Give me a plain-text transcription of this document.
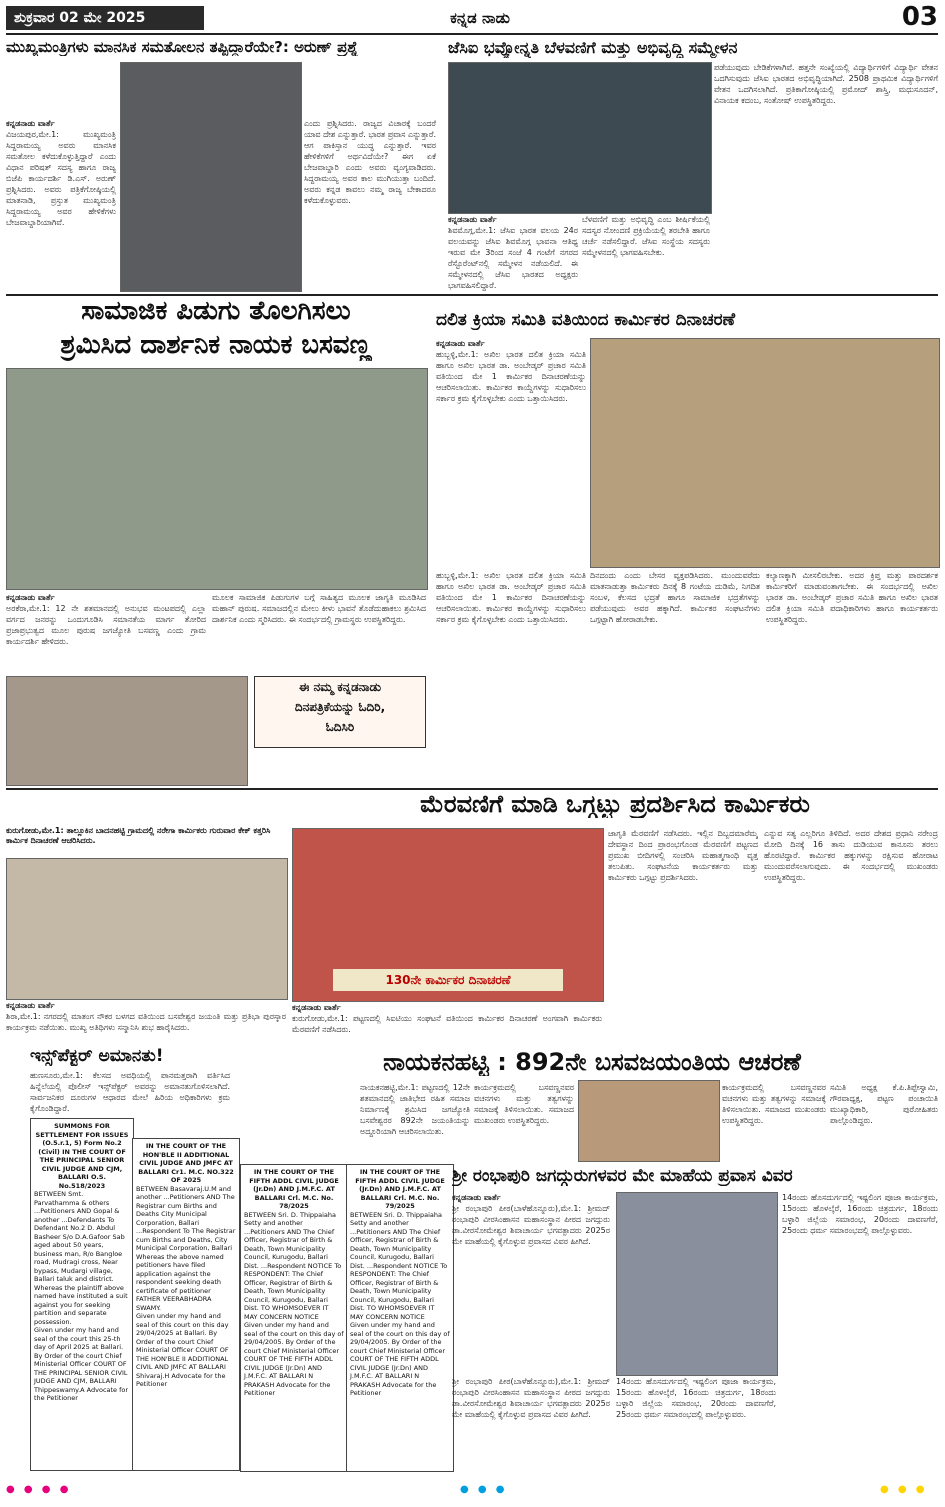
ಶುಕ್ರವಾರ 02 ಮೇ 2025	ಕನ್ನಡ ನಾಡು	03
ಮುಖ್ಯಮಂತ್ರಿಗಳು ಮಾನಸಿಕ ಸಮತೋಲನ ತಪ್ಪಿದ್ದಾರೆಯೇ?: ಅರುಣ್ ಪ್ರಶ್ನೆ
ಕನ್ನಡನಾಡು ವಾರ್ತೆ
ವಿಜಯಪುರ,ಮೇ.1: ಮುಖ್ಯಮಂತ್ರಿ ಸಿದ್ದರಾಮಯ್ಯ ಅವರು ಮಾನಸಿಕ ಸಮತೋಲ ಕಳೆದುಕೊಳ್ಳುತ್ತಿದ್ದಾರೆ ಎಂದು ವಿಧಾನ ಪರಿಷತ್ ಸದಸ್ಯ ಹಾಗೂ ರಾಜ್ಯ ಬಿಜೆಪಿ ಕಾರ್ಯದರ್ಶಿ ಡಿ.ಎಸ್. ಅರುಣ್ ಪ್ರಶ್ನಿಸಿದರು. ಅವರು ಪತ್ರಿಕೆಗೋಷ್ಠಿಯಲ್ಲಿ ಮಾತನಾಡಿ, ಪ್ರಸ್ತುತ ಮುಖ್ಯಮಂತ್ರಿ ಸಿದ್ದರಾಮಯ್ಯ ಅವರ ಹೇಳಿಕೆಗಳು ಬೇಜವಾಬ್ದಾರಿಯಾಗಿವೆ.
ಎಂದು ಪ್ರಶ್ನಿಸಿದರು. ರಾಜ್ಯದ ವಿಚಾರಕ್ಕೆ ಬಂದರೆ ಯಾವ ದೇಶ ಎನ್ನುತ್ತಾರೆ. ಭಾರತ ಪ್ರವಾಸ ಎನ್ನುತ್ತಾರೆ. ಆಗ ಪಾಕಿಸ್ತಾನ ಯುದ್ಧ ಎನ್ನುತ್ತಾರೆ. ಇವರ ಹೇಳಿಕೆಗಳಿಗೆ ಅರ್ಥವಿದೆಯೇ? ಈಗ ಏಕೆ ಬೇಜವಾಬ್ದಾರಿ ಎಂದು ಅವರು ವ್ಯಂಗ್ಯವಾಡಿದರು. ಸಿದ್ದರಾಮಯ್ಯ ಅವರ ಕಾಲ ಮುಗಿಯುತ್ತಾ ಬಂದಿದೆ. ಅವರು ಕನ್ನಡ ಕಾವಲು ನಮ್ಮ ರಾಜ್ಯ ಬೇಕಾದರೂ ಕಳೆದುಕೊಳ್ಳುವರು.
ಜೆಸಿಐ ಭವ್ಯೋನ್ನತಿ ಬೆಳವಣಿಗೆ ಮತ್ತು ಅಭಿವೃದ್ಧಿ ಸಮ್ಮೇಳನ
ಕನ್ನಡನಾಡು ವಾರ್ತೆ
ಶಿವಮೊಗ್ಗ,ಮೇ.1: ಜೆಸಿಐ ಭಾರತ ವಲಯ 24ರ ವಲಯವನ್ನು ಜೆಸಿಐ ಶಿವಮೊಗ್ಗ ಭಾವನಾ ಆತಿಥ್ಯ ಇರುವ ಮೇ 3ರಿಂದ ಸಂಜೆ 4 ಗಂಟೆಗೆ ನಗರದ ರೆಸ್ಟೊರೆಂಟ್‌ನಲ್ಲಿ ಸಮ್ಮೇಳನ ನಡೆಯಲಿದೆ. ಈ ಸಮ್ಮೇಳನದಲ್ಲಿ ಜೆಸಿಐ ಭಾರತದ ಅಧ್ಯಕ್ಷರು ಭಾಗವಹಿಸಲಿದ್ದಾರೆ.
ಬೆಳವಣಿಗೆ ಮತ್ತು ಅಭಿವೃದ್ಧಿ ಎಂಬ ಶೀರ್ಷಿಕೆಯಲ್ಲಿ ಸದಸ್ಯರ ನೋಂದಣಿ ಪ್ರಕ್ರಿಯೆಯಲ್ಲಿ ತರಬೇತಿ ಹಾಗೂ ಚರ್ಚೆ ನಡೆಸಲಿದ್ದಾರೆ. ಜೆಸಿಐ ಸಂಸ್ಥೆಯ ಸದಸ್ಯರು ಸಮ್ಮೇಳನದಲ್ಲಿ ಭಾಗವಹಿಸಬೇಕು.
ಪಡೆಯುವುದು ಬೇಡಿಕೆಗಳಾಗಿವೆ. ಹತ್ತನೇ ಸಂಖ್ಯೆಯಲ್ಲಿ ವಿದ್ಯಾರ್ಥಿಗಳಿಗೆ ವಿದ್ಯಾರ್ಥಿ ವೇತನ ಒದಗಿಸುವುದು ಜೆಸಿಐ ಭಾರತದ ಅಭಿವೃದ್ಧಿಯಾಗಿದೆ. 2508 ಪ್ರಾಥಮಿಕ ವಿದ್ಯಾರ್ಥಿಗಳಿಗೆ ವೇತನ ಒದಗಿಸಲಾಗಿದೆ. ಪ್ರತಿಕಾಗೋಷ್ಠಿಯಲ್ಲಿ ಪ್ರಮೋದ್ ಶಾಸ್ತ್ರಿ, ಮಧುಸೂದನ್, ವಿನಾಯಕ ಕದಂಬ, ಸಂತೋಷ್ ಉಪಸ್ಥಿತರಿದ್ದರು.
ಸಾಮಾಜಿಕ ಪಿಡುಗು ತೊಲಗಿಸಲು
ಶ್ರಮಿಸಿದ ದಾರ್ಶನಿಕ ನಾಯಕ ಬಸವಣ್ಣ
ಕನ್ನಡನಾಡು ವಾರ್ತೆ
ಅರಕೆರಾ,ಮೇ.1: 12 ನೇ ಶತಮಾನದಲ್ಲಿ ಅನುಭವ ಮಂಟಪದಲ್ಲಿ ಎಲ್ಲಾ ವರ್ಗದ ಜನರನ್ನು ಒಂದುಗೂಡಿಸಿ ಸಮಾನತೆಯ ಮಾರ್ಗ ತೋರಿದ ಪ್ರಜಾಪ್ರಭುತ್ವದ ಮೂಲ ಪುರುಷ ಜಗಜ್ಯೋತಿ ಬಸವಣ್ಣ ಎಂದು ಗ್ರಾಮ ಕಾರ್ಯದರ್ಶಿ ಹೇಳಿದರು.
ಮೂಲಕ ಸಾಮಾಜಿಕ ಪಿಡುಗುಗಳ ಬಗ್ಗೆ ಸಾಹಿತ್ಯದ ಮೂಲಕ ಜಾಗೃತಿ ಮೂಡಿಸಿದ ಮಹಾನ್ ಪುರುಷ. ಸಮಾಜದಲ್ಲಿನ ಮೇಲು ಕೀಳು ಭಾವನೆ ತೊಡೆದುಹಾಕಲು ಶ್ರಮಿಸಿದ ದಾರ್ಶನಿಕ ಎಂದು ಸ್ಮರಿಸಿದರು. ಈ ಸಂದರ್ಭದಲ್ಲಿ ಗ್ರಾಮಸ್ಥರು ಉಪಸ್ಥಿತರಿದ್ದರು.
ಈ ನಮ್ಮ ಕನ್ನಡನಾಡು
ದಿನಪತ್ರಿಕೆಯನ್ನು ಓದಿರಿ,
ಓದಿಸಿರಿ
ದಲಿತ ಕ್ರಿಯಾ ಸಮಿತಿ ವತಿಯಿಂದ ಕಾರ್ಮಿಕರ ದಿನಾಚರಣೆ
ಕನ್ನಡನಾಡು ವಾರ್ತೆ
ಹುಬ್ಬಳ್ಳಿ,ಮೇ.1: ಅಖಿಲ ಭಾರತ ದಲಿತ ಕ್ರಿಯಾ ಸಮಿತಿ ಹಾಗೂ ಅಖಿಲ ಭಾರತ ಡಾ. ಅಂಬೇಡ್ಕರ್ ಪ್ರಚಾರ ಸಮಿತಿ ವತಿಯಿಂದ ಮೇ 1 ಕಾರ್ಮಿಕರ ದಿನಾಚರಣೆಯನ್ನು ಆಚರಿಸಲಾಯಿತು. ಕಾರ್ಮಿಕರ ಕಾಯ್ದೆಗಳನ್ನು ಸುಧಾರಿಸಲು ಸರ್ಕಾರ ಕ್ರಮ ಕೈಗೊಳ್ಳಬೇಕು ಎಂದು ಒತ್ತಾಯಿಸಿದರು.
ಹುಬ್ಬಳ್ಳಿ,ಮೇ.1: ಅಖಿಲ ಭಾರತ ದಲಿತ ಕ್ರಿಯಾ ಸಮಿತಿ ಹಾಗೂ ಅಖಿಲ ಭಾರತ ಡಾ. ಅಂಬೇಡ್ಕರ್ ಪ್ರಚಾರ ಸಮಿತಿ ವತಿಯಿಂದ ಮೇ 1 ಕಾರ್ಮಿಕರ ದಿನಾಚರಣೆಯನ್ನು ಆಚರಿಸಲಾಯಿತು. ಕಾರ್ಮಿಕರ ಕಾಯ್ದೆಗಳನ್ನು ಸುಧಾರಿಸಲು ಸರ್ಕಾರ ಕ್ರಮ ಕೈಗೊಳ್ಳಬೇಕು ಎಂದು ಒತ್ತಾಯಿಸಿದರು.
ದಿನದಂದು ಎಂದು ಬೇಸರ ವ್ಯಕ್ತಪಡಿಸಿದರು. ಮುಂದುವರೆದು ಮಾತನಾಡುತ್ತಾ ಕಾರ್ಮಿಕರು ದಿನಕ್ಕೆ 8 ಗಂಟೆಯ ದುಡಿಮೆ, ನಿಗದಿತ ಸಂಬಳ, ಕೆಲಸದ ಭದ್ರತೆ ಹಾಗೂ ಸಾಮಾಜಿಕ ಭದ್ರತೆಗಳನ್ನು ಪಡೆಯುವುದು ಅವರ ಹಕ್ಕಾಗಿದೆ. ಕಾರ್ಮಿಕರ ಸಂಘಟನೆಗಳು ಒಗ್ಗಟ್ಟಾಗಿ ಹೋರಾಡಬೇಕು.
ಕಲ್ಯಾಣಕ್ಕಾಗಿ ಮೀಸಲಿರಬೇಕು. ಅದರ ಕ್ರಿಪ್ತ ಮತ್ತು ಪಾರದರ್ಶಕ ಕಾರ್ಮಿಕರಿಗೆ ಮಾಡುವಂತಾಗಬೇಕು. ಈ ಸಂದರ್ಭದಲ್ಲಿ ಅಖಿಲ ಭಾರತ ಡಾ. ಅಂಬೇಡ್ಕರ್ ಪ್ರಚಾರ ಸಮಿತಿ ಹಾಗೂ ಅಖಿಲ ಭಾರತ ದಲಿತ ಕ್ರಿಯಾ ಸಮಿತಿ ಪದಾಧಿಕಾರಿಗಳು ಹಾಗೂ ಕಾರ್ಯಕರ್ತರು ಉಪಸ್ಥಿತರಿದ್ದರು.
ಮೆರವಣಿಗೆ ಮಾಡಿ ಒಗ್ಗಟ್ಟು ಪ್ರದರ್ಶಿಸಿದ ಕಾರ್ಮಿಕರು
ಕುರುಗೋಡು,ಮೇ.1: ತಾಲ್ಲೂಕಿನ ಬಾದನಹಟ್ಟಿ ಗ್ರಾಮದಲ್ಲಿ ನರೇಗಾ ಕಾರ್ಮಿಕರು ಗುರುವಾರ ಕೇಕ್ ಕತ್ತರಿಸಿ ಕಾರ್ಮಿಕ ದಿನಾಚರಣೆ ಆಚರಿಸಿದರು.
ಕನ್ನಡನಾಡು ವಾರ್ತೆ
ಶಿರಾ,ಮೇ.1: ನಗರದಲ್ಲಿ ಮಾತಂಗ ನೌಕರ ಬಳಗದ ವತಿಯಿಂದ ಬಸವೇಶ್ವರ ಜಯಂತಿ ಮತ್ತು ಪ್ರತಿಭಾ ಪುರಸ್ಕಾರ ಕಾರ್ಯಕ್ರಮ ನಡೆಯಿತು. ಮುಖ್ಯ ಅತಿಥಿಗಳು ಸನ್ಮಾನಿಸಿ ಶುಭ ಹಾರೈಸಿದರು.
130ನೇ ಕಾರ್ಮಿಕರ ದಿನಾಚರಣೆ
ಕನ್ನಡನಾಡು ವಾರ್ತೆ
ಕುರುಗೋಡು,ಮೇ.1: ಪಟ್ಟಣದಲ್ಲಿ ಸಿಐಟಿಯು ಸಂಘಟನೆ ವತಿಯಿಂದ ಕಾರ್ಮಿಕರ ದಿನಾಚರಣೆ ಅಂಗವಾಗಿ ಕಾರ್ಮಿಕರು ಮೆರವಣಿಗೆ ನಡೆಸಿದರು.
ಜಾಗೃತಿ ಮೆರವಣಿಗೆ ನಡೆಸಿದರು. ಇಲ್ಲಿನ ದಿಬ್ಬದಮಾರೆಮ್ಮ ದೇವಸ್ಥಾನ ದಿಂದ ಪ್ರಾರಂಭಗೊಂಡ ಮೆರವಣಿಗೆ ಪಟ್ಟಣದ ಪ್ರಮುಖ ಬೀದಿಗಳಲ್ಲಿ ಸಂಚರಿಸಿ ಮಹಾತ್ಮಗಾಂಧಿ ವೃತ್ತ ತಲುಪಿತು. ಸಂಘಟನೆಯ ಕಾರ್ಯಕರ್ತರು ಮತ್ತು ಕಾರ್ಮಿಕರು ಒಗ್ಗಟ್ಟು ಪ್ರದರ್ಶಿಸಿದರು.
ಎನ್ನುವ ಸತ್ಯ ಎಲ್ಲರಿಗೂ ತಿಳಿದಿದೆ. ಅದರ ದೇಶದ ಪ್ರಧಾನಿ ನರೇಂದ್ರ ಮೋದಿ ದಿನಕ್ಕೆ 16 ತಾಸು ದುಡಿಯುವ ಕಾನೂನು ತರಲು ಹೊರಟಿದ್ದಾರೆ. ಕಾರ್ಮಿಕರ ಹಕ್ಕುಗಳನ್ನು ರಕ್ಷಿಸುವ ಹೋರಾಟ ಮುಂದುವರೆಸಲಾಗುವುದು. ಈ ಸಂದರ್ಭದಲ್ಲಿ ಮುಖಂಡರು ಉಪಸ್ಥಿತರಿದ್ದರು.
ಇನ್ಸ್‌ಪೆಕ್ಟರ್ ಅಮಾನತು!
ಹುಣಸೂರು,ಮೇ.1: ಕೆಲಸದ ಅವಧಿಯಲ್ಲಿ ಪಾನಮತ್ತರಾಗಿ ವರ್ತಿಸಿದ ಹಿನ್ನೆಲೆಯಲ್ಲಿ ಪೊಲೀಸ್ ಇನ್ಸ್‌ಪೆಕ್ಟರ್ ಅವರನ್ನು ಅಮಾನತುಗೊಳಿಸಲಾಗಿದೆ. ಸಾರ್ವಜನಿಕರ ದೂರುಗಳ ಆಧಾರದ ಮೇಲೆ ಹಿರಿಯ ಅಧಿಕಾರಿಗಳು ಕ್ರಮ ಕೈಗೊಂಡಿದ್ದಾರೆ.
ನಾಯಕನಹಟ್ಟಿ : 892ನೇ ಬಸವಜಯಂತಿಯ ಆಚರಣೆ
ನಾಯಕನಹಟ್ಟಿ,ಮೇ.1: ಪಟ್ಟಣದಲ್ಲಿ 12ನೇ ಶತಮಾನದಲ್ಲಿ ಜಾತಿಭೇದ ರಹಿತ ಸಮಾಜ ನಿರ್ಮಾಣಕ್ಕೆ ಶ್ರಮಿಸಿದ ಜಗಜ್ಯೋತಿ ಬಸವೇಶ್ವರರ 892ನೇ ಜಯಂತಿಯನ್ನು ಅದ್ದೂರಿಯಾಗಿ ಆಚರಿಸಲಾಯಿತು.
ಕಾರ್ಯಕ್ರಮದಲ್ಲಿ ಬಸವಣ್ಣನವರ ವಚನಗಳು ಮತ್ತು ತತ್ವಗಳನ್ನು ಸಮಾಜಕ್ಕೆ ತಿಳಿಸಲಾಯಿತು. ಸಮಾಜದ ಮುಖಂಡರು ಉಪಸ್ಥಿತರಿದ್ದರು.
ಕಾರ್ಯಕ್ರಮದಲ್ಲಿ ಬಸವಣ್ಣನವರ ವಚನಗಳು ಮತ್ತು ತತ್ವಗಳನ್ನು ಸಮಾಜಕ್ಕೆ ತಿಳಿಸಲಾಯಿತು. ಸಮಾಜದ ಮುಖಂಡರು ಉಪಸ್ಥಿತರಿದ್ದರು.
ಸಮಿತಿ ಅಧ್ಯಕ್ಷ ಕೆ.ಪಿ.ತಿಪ್ಪೇಸ್ವಾಮಿ, ಗೌರವಾಧ್ಯಕ್ಷ, ಪಟ್ಟಣ ಪಂಚಾಯಿತಿ ಮುಖ್ಯಾಧಿಕಾರಿ, ಪುರೋಹಿತರು ಪಾಲ್ಗೊಂಡಿದ್ದರು.
SUMMONS FOR SETTLEMENT FOR ISSUES (O.5.r.1, 5) Form No.2 (Civil) IN THE COURT OF THE PRINCIPAL SENIOR CIVIL JUDGE AND CJM, BALLARI O.S. No.518/2023
BETWEEN Smt. Parvathamma & others ...Petitioners AND Gopal & another ...Defendants To Defendant No.2 D. Abdul Basheer S/o D.A.Gafoor Sab aged about 50 years, business man, R/o Bangloe road, Mudragi cross, Near bypass, Mudargi village, Ballari taluk and district. Whereas the plaintiff above named have instituted a suit against you for seeking partition and separate possession.
Given under my hand and seal of the court this 25-th day of April 2025 at Ballari. By Order of the court Chief Ministerial Officer COURT OF THE PRINCIPAL SENIOR CIVIL JUDGE AND CJM, BALLARI Thippeswamy.A Advocate for the Petitioner
IN THE COURT OF THE HON'BLE II ADDITIONAL CIVIL JUDGE AND JMFC AT BALLARI Cr1. M.C. NO.322 OF 2025
BETWEEN Basavaraj.U.M and another ...Petitioners AND The Registrar cum Births and Deaths City Municipal Corporation, Ballari ...Respondent To The Registrar cum Births and Deaths, City Municipal Corporation, Ballari Whereas the above named petitioners have filed application against the respondent seeking death certificate of petitioner FATHER VEERABHADRA SWAMY.
Given under my hand and seal of this court on this day 29/04/2025 at Ballari. By Order of the court Chief Ministerial Officer COURT OF THE HON'BLE II ADDITIONAL CIVIL AND JMFC AT BALLARI Shivaraj.H Advocate for the Petitioner
IN THE COURT OF THE FIFTH ADDL CIVIL JUDGE (Jr.Dn) AND J.M.F.C. AT BALLARI Crl. M.C. No. 78/2025
BETWEEN Sri. D. Thippaiaha Setty and another ...Petitioners AND The Chief Officer, Registrar of Birth & Death, Town Municipality Council, Kurugodu, Ballari Dist. ...Respondent NOTICE To RESPONDENT: The Chief Officer, Registrar of Birth & Death, Town Municipality Council, Kurugodu, Ballari Dist. TO WHOMSOEVER IT MAY CONCERN NOTICE
Given under my hand and seal of the court on this day of 29/04/2005. By Order of the court Chief Ministerial Officer COURT OF THE FIFTH ADDL CIVIL JUDGE (Jr.Dn) AND J.M.F.C. AT BALLARI N PRAKASH Advocate for the Petitioner
IN THE COURT OF THE FIFTH ADDL CIVIL JUDGE (Jr.Dn) AND J.M.F.C. AT BALLARI Crl. M.C. No. 79/2025
BETWEEN Sri. D. Thippaiaha Setty and another ...Petitioners AND The Chief Officer, Registrar of Birth & Death, Town Municipality Council, Kurugodu, Ballari Dist. ...Respondent NOTICE To RESPONDENT: The Chief Officer, Registrar of Birth & Death, Town Municipality Council, Kurugodu, Ballari Dist. TO WHOMSOEVER IT MAY CONCERN NOTICE
Given under my hand and seal of the court on this day of 29/04/2005. By Order of the court Chief Ministerial Officer COURT OF THE FIFTH ADDL CIVIL JUDGE (Jr.Dn) AND J.M.F.C. AT BALLARI N PRAKASH Advocate for the Petitioner
ಶ್ರೀ ರಂಭಾಪುರಿ ಜಗದ್ಗುರುಗಳವರ ಮೇ ಮಾಹೆಯ ಪ್ರವಾಸ ವಿವರ
ಕನ್ನಡನಾಡು ವಾರ್ತೆ
ಶ್ರೀ ರಂಭಾಪುರಿ ಪೀಠ(ಬಾಳೆಹೊನ್ನೂರು),ಮೇ.1: ಶ್ರೀಮದ್ ರಂಭಾಪುರಿ ವೀರಸಿಂಹಾಸನ ಮಹಾಸಂಸ್ಥಾನ ಪೀಠದ ಜಗದ್ಗುರು ಡಾ.ವೀರಸೋಮೇಶ್ವರ ಶಿವಾಚಾರ್ಯ ಭಗವತ್ಪಾದರು 2025ರ ಮೇ ಮಾಹೆಯಲ್ಲಿ ಕೈಗೊಳ್ಳುವ ಪ್ರವಾಸದ ವಿವರ ಹೀಗಿದೆ.
ಶ್ರೀ ರಂಭಾಪುರಿ ಪೀಠ(ಬಾಳೆಹೊನ್ನೂರು),ಮೇ.1: ಶ್ರೀಮದ್ ರಂಭಾಪುರಿ ವೀರಸಿಂಹಾಸನ ಮಹಾಸಂಸ್ಥಾನ ಪೀಠದ ಜಗದ್ಗುರು ಡಾ.ವೀರಸೋಮೇಶ್ವರ ಶಿವಾಚಾರ್ಯ ಭಗವತ್ಪಾದರು 2025ರ ಮೇ ಮಾಹೆಯಲ್ಲಿ ಕೈಗೊಳ್ಳುವ ಪ್ರವಾಸದ ವಿವರ ಹೀಗಿದೆ.
14ರಂದು ಹೊಸದುರ್ಗದಲ್ಲಿ ಇಷ್ಟಲಿಂಗ ಪೂಜಾ ಕಾರ್ಯಕ್ರಮ, 15ರಂದು ಹೊಳಲ್ಕೆರೆ, 16ರಂದು ಚಿತ್ರದುರ್ಗ, 18ರಂದು ಬಳ್ಳಾರಿ ಜಿಲ್ಲೆಯ ಸಮಾರಂಭ, 20ರಂದು ದಾವಣಗೆರೆ, 25ರಂದು ಧರ್ಮ ಸಮಾರಂಭದಲ್ಲಿ ಪಾಲ್ಗೊಳ್ಳುವರು.
14ರಂದು ಹೊಸದುರ್ಗದಲ್ಲಿ ಇಷ್ಟಲಿಂಗ ಪೂಜಾ ಕಾರ್ಯಕ್ರಮ, 15ರಂದು ಹೊಳಲ್ಕೆರೆ, 16ರಂದು ಚಿತ್ರದುರ್ಗ, 18ರಂದು ಬಳ್ಳಾರಿ ಜಿಲ್ಲೆಯ ಸಮಾರಂಭ, 20ರಂದು ದಾವಣಗೆರೆ, 25ರಂದು ಧರ್ಮ ಸಮಾರಂಭದಲ್ಲಿ ಪಾಲ್ಗೊಳ್ಳುವರು.
● ● ● ●	● ● ●	● ● ●
